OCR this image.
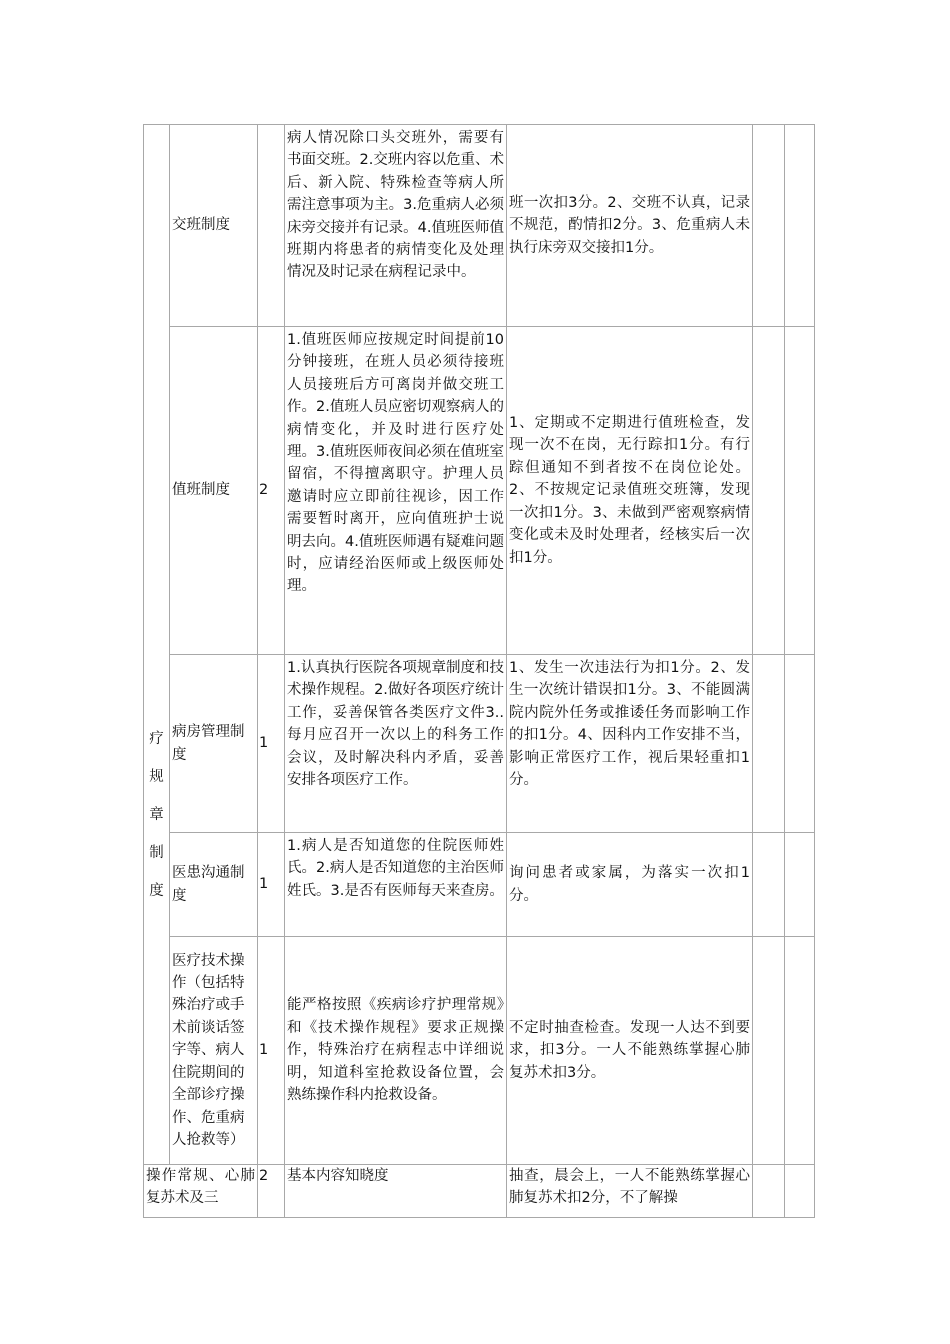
疗
规
章
制
度	交班制度		病人情况除口头交班外，需要有书面交班。2.交班内容以危重、术后、新入院、特殊检查等病人所需注意事项为主。3.危重病人必须床旁交接并有记录。4.值班医师值班期内将患者的病情变化及处理情况及时记录在病程记录中。	班一次扣3分。2、交班不认真，记录不规范，酌情扣2分。3、危重病人未执行床旁双交接扣1分。		
	值班制度	2	1.值班医师应按规定时间提前10分钟接班，在班人员必须待接班人员接班后方可离岗并做交班工作。2.值班人员应密切观察病人的病情变化，并及时进行医疗处理。3.值班医师夜间必须在值班室留宿，不得擅离职守。护理人员邀请时应立即前往视诊，因工作需要暂时离开，应向值班护士说明去向。4.值班医师遇有疑难问题时，应请经治医师或上级医师处理。	1、定期或不定期进行值班检查，发现一次不在岗，无行踪扣1分。有行踪但通知不到者按不在岗位论处。2、不按规定记录值班交班簿，发现一次扣1分。3、未做到严密观察病情变化或未及时处理者，经核实后一次扣1分。		
	病房管理制度	1	1.认真执行医院各项规章制度和技术操作规程。2.做好各项医疗统计工作，妥善保管各类医疗文件3..每月应召开一次以上的科务工作会议，及时解决科内矛盾，妥善安排各项医疗工作。	1、发生一次违法行为扣1分。2、发生一次统计错误扣1分。3、不能圆满院内院外任务或推诿任务而影响工作的扣1分。4、因科内工作安排不当，影响正常医疗工作，视后果轻重扣1分。		
	医患沟通制度	1	1.病人是否知道您的住院医师姓氏。2.病人是否知道您的主治医师姓氏。3.是否有医师每天来查房。	询问患者或家属，为落实一次扣1分。		
	医疗技术操作（包括特殊治疗或手术前谈话签字等、病人住院期间的全部诊疗操作、危重病人抢救等）	1	能严格按照《疾病诊疗护理常规》和《技术操作规程》要求正规操作，特殊治疗在病程志中详细说明，知道科室抢救设备位置，会熟练操作科内抢救设备。	不定时抽查检查。发现一人达不到要求，扣3分。一人不能熟练掌握心肺复苏术扣3分。		
操作常规、心肺复苏术及三		2	基本内容知晓度	抽查，晨会上，一人不能熟练掌握心肺复苏术扣2分，不了解操		
